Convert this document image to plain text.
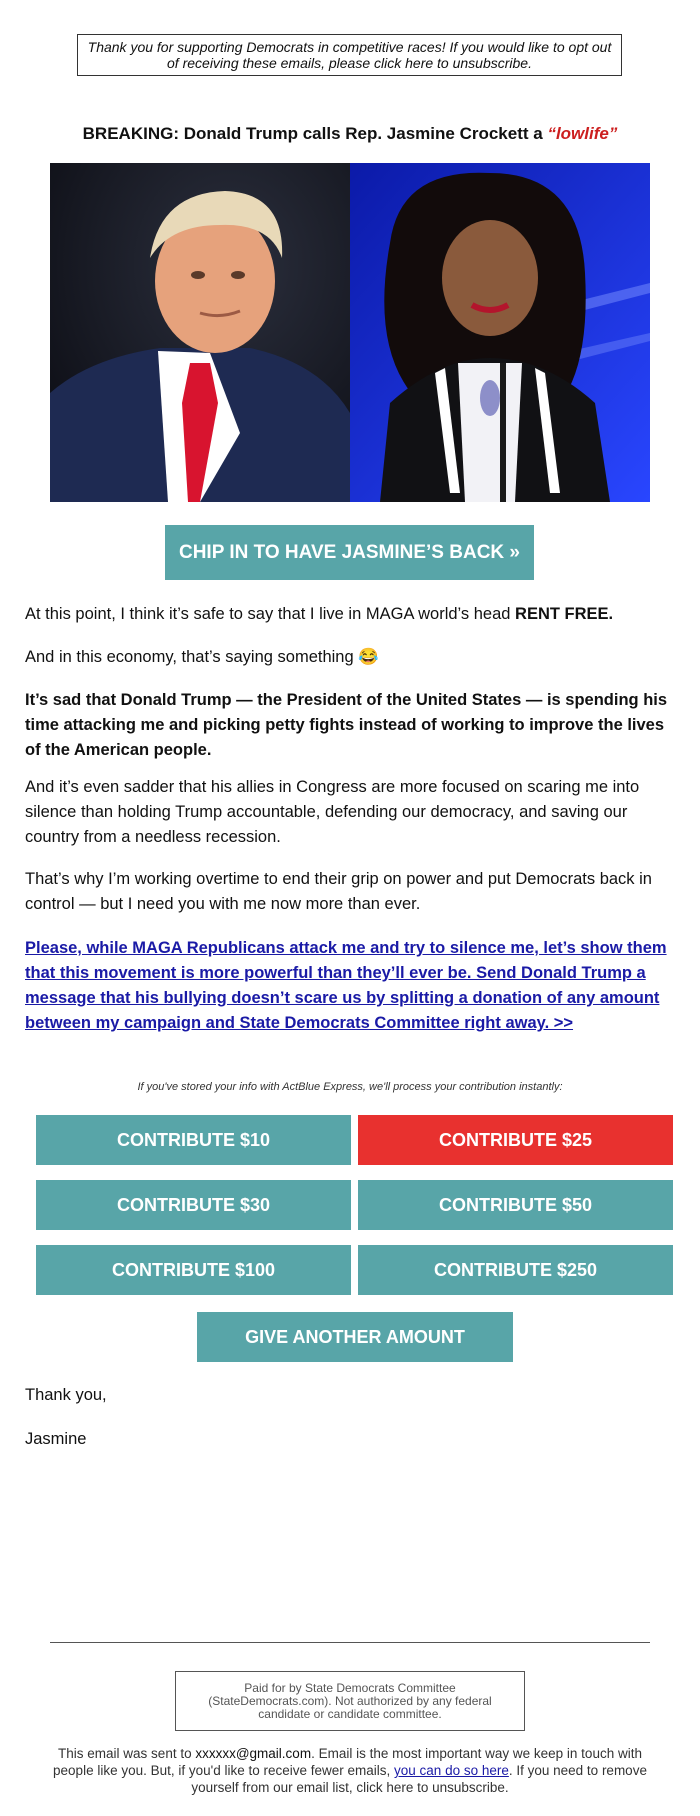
Thank you for supporting Democrats in competitive races! If you would like to opt out of receiving these emails, please click here to unsubscribe.
BREAKING: Donald Trump calls Rep. Jasmine Crockett a “lowlife”
CHIP IN TO HAVE JASMINE’S BACK »
At this point, I think it’s safe to say that I live in MAGA world’s head RENT FREE.
And in this economy, that’s saying something 😂
It’s sad that Donald Trump — the President of the United States — is spending his time attacking me and picking petty fights instead of working to improve the lives of the American people.
And it’s even sadder that his allies in Congress are more focused on scaring me into silence than holding Trump accountable, defending our democracy, and saving our country from a needless recession.
That’s why I’m working overtime to end their grip on power and put Democrats back in control — but I need you with me now more than ever.
Please, while MAGA Republicans attack me and try to silence me, let’s show them that this movement is more powerful than they’ll ever be. Send Donald Trump a message that his bullying doesn’t scare us by splitting a donation of any amount between my campaign and State Democrats Committee right away. >>
If you've stored your info with ActBlue Express, we'll process your contribution instantly:
CONTRIBUTE $10	CONTRIBUTE $25
CONTRIBUTE $30	CONTRIBUTE $50
CONTRIBUTE $100	CONTRIBUTE $250
GIVE ANOTHER AMOUNT
Thank you,
Jasmine
Paid for by State Democrats Committee (StateDemocrats.com). Not authorized by any federal candidate or candidate committee.
This email was sent to xxxxxx@gmail.com. Email is the most important way we keep in touch with people like you. But, if you'd like to receive fewer emails, you can do so here. If you need to remove yourself from our email list, click here to unsubscribe.
